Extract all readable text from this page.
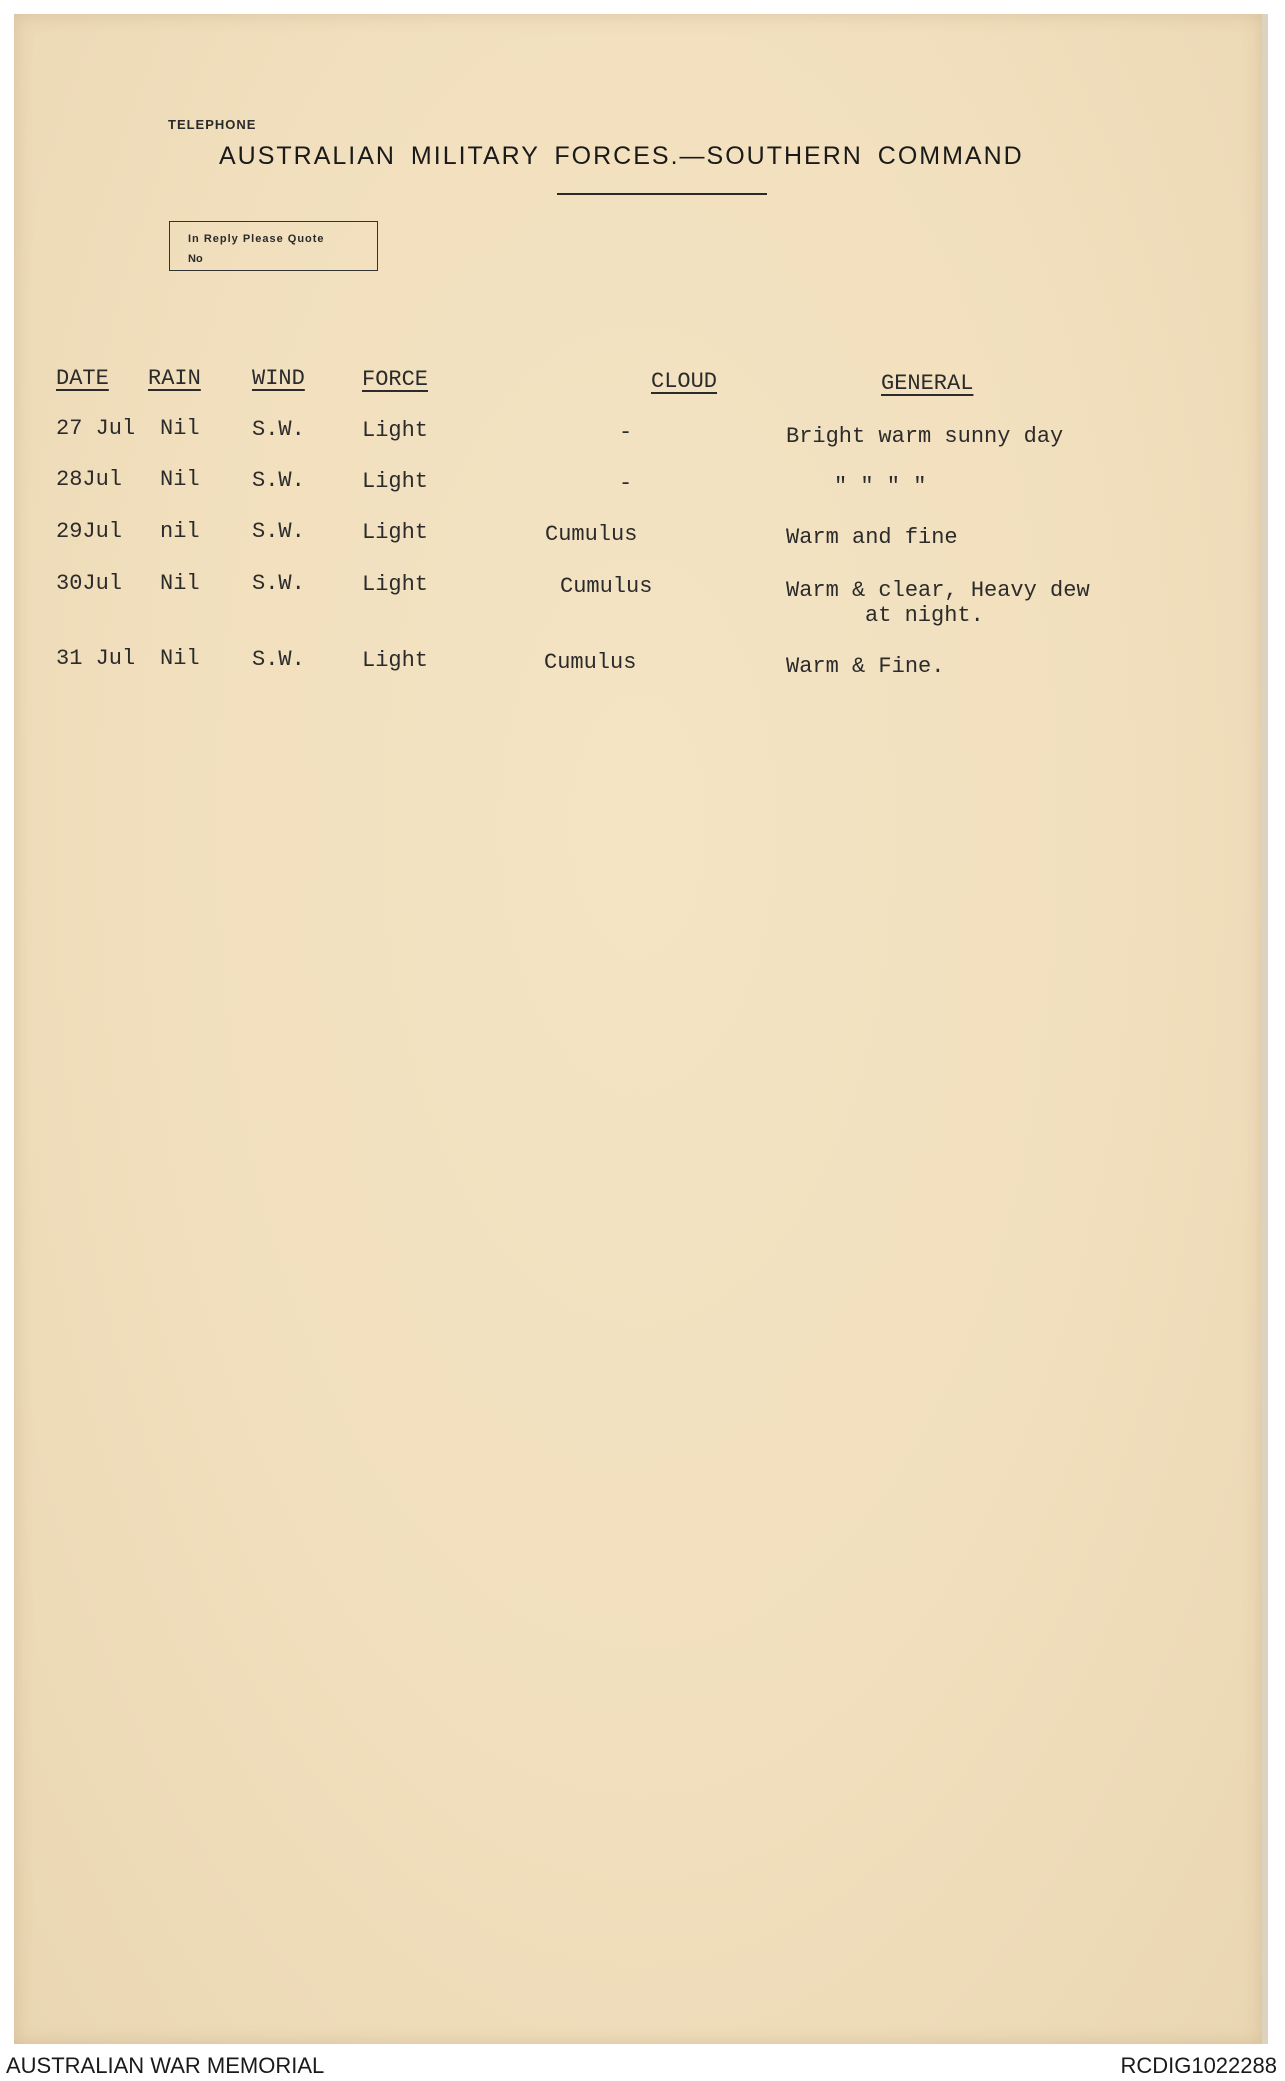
TELEPHONE
AUSTRALIAN MILITARY FORCES.—SOUTHERN COMMAND
In Reply Please Quote
No
DATE RAIN WIND	FORCE	CLOUD	GENERAL
27 Jul Nil S.W.	Light	-	Bright warm sunny day
28Jul Nil S.W.	Light	-	" " " "
29Jul nil S.W.	Light	Cumulus	Warm and fine
30Jul Nil S.W.	Light	Cumulus	Warm & clear, Heavy dew
at night.
31 Jul Nil S.W.	Light	Cumulus	Warm & Fine.
AUSTRALIAN WAR MEMORIAL	RCDIG1022288
